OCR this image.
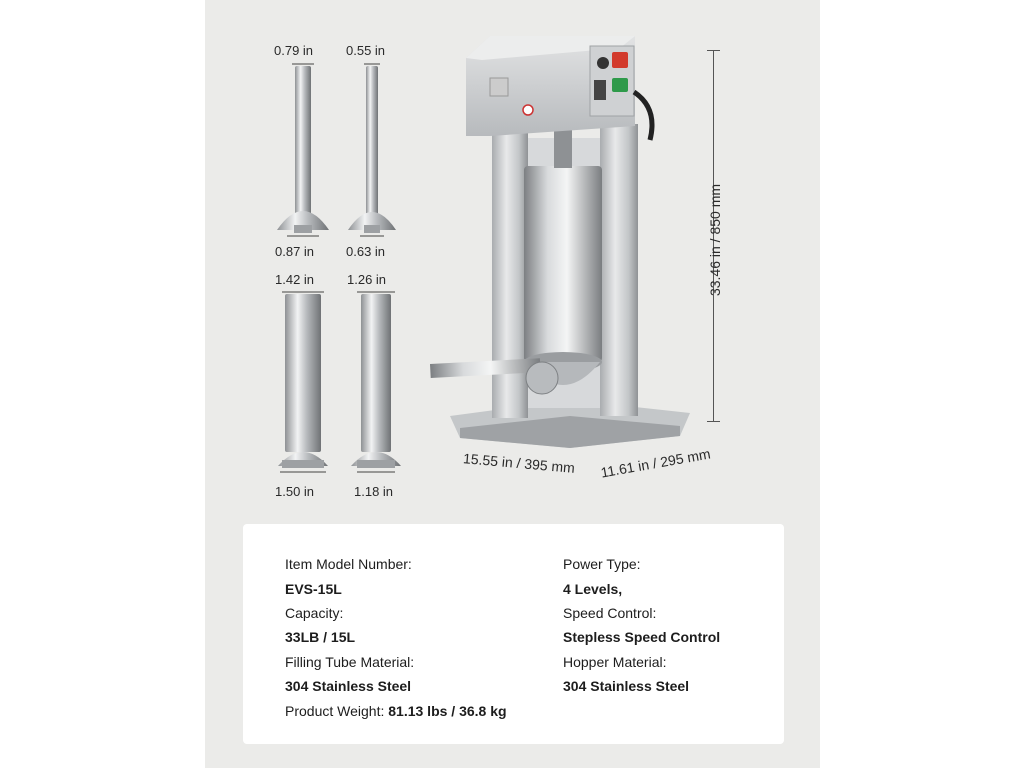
0.79 in
0.87 in
0.55 in
0.63 in
1.42 in
1.50 in
1.26 in
1.18 in
33.46 in / 850 mm
15.55 in / 395 mm 11.61 in / 295 mm
Item Model Number:
EVS-15L
Capacity:
33LB / 15L
Filling Tube Material:
304 Stainless Steel
Product Weight: 81.13 lbs / 36.8 kg
Power Type:
4 Levels,
Speed Control:
Stepless Speed Control
Hopper Material:
304 Stainless Steel
